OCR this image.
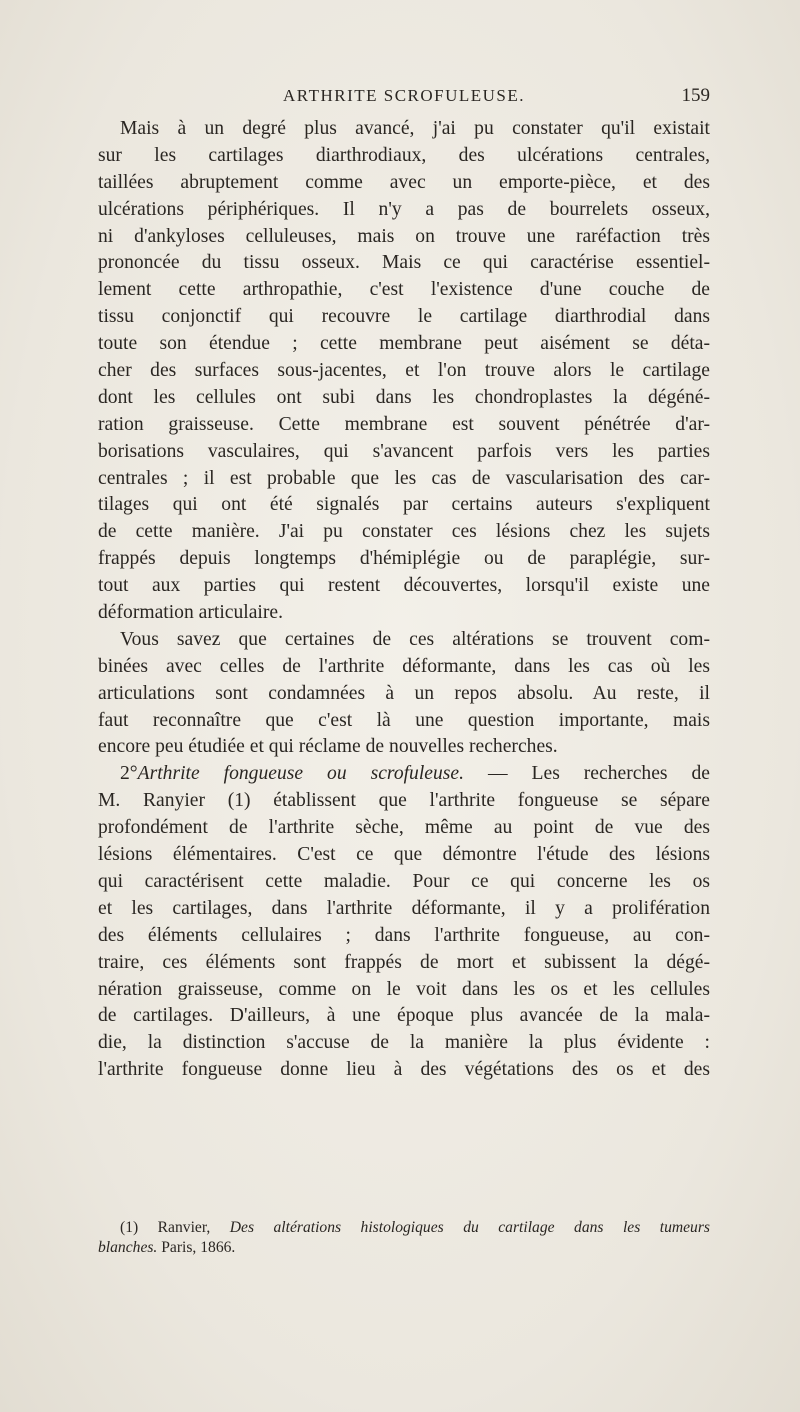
ARTHRITE SCROFULEUSE.	159
Mais à un degré plus avancé, j'ai pu constater qu'il existait
sur les cartilages diarthrodiaux, des ulcérations centrales,
taillées abruptement comme avec un emporte-pièce, et des
ulcérations périphériques. Il n'y a pas de bourrelets osseux,
ni d'ankyloses celluleuses, mais on trouve une raréfaction très
prononcée du tissu osseux. Mais ce qui caractérise essentiel-
lement cette arthropathie, c'est l'existence d'une couche de
tissu conjonctif qui recouvre le cartilage diarthrodial dans
toute son étendue ; cette membrane peut aisément se déta-
cher des surfaces sous-jacentes, et l'on trouve alors le cartilage
dont les cellules ont subi dans les chondroplastes la dégéné-
ration graisseuse. Cette membrane est souvent pénétrée d'ar-
borisations vasculaires, qui s'avancent parfois vers les parties
centrales ; il est probable que les cas de vascularisation des car-
tilages qui ont été signalés par certains auteurs s'expliquent
de cette manière. J'ai pu constater ces lésions chez les sujets
frappés depuis longtemps d'hémiplégie ou de paraplégie, sur-
tout aux parties qui restent découvertes, lorsqu'il existe une
déformation articulaire.
Vous savez que certaines de ces altérations se trouvent com-
binées avec celles de l'arthrite déformante, dans les cas où les
articulations sont condamnées à un repos absolu. Au reste, il
faut reconnaître que c'est là une question importante, mais
encore peu étudiée et qui réclame de nouvelles recherches.
2°Arthrite fongueuse ou scrofuleuse. — Les recherches de
M. Ranyier (1) établissent que l'arthrite fongueuse se sépare
profondément de l'arthrite sèche, même au point de vue des
lésions élémentaires. C'est ce que démontre l'étude des lésions
qui caractérisent cette maladie. Pour ce qui concerne les os
et les cartilages, dans l'arthrite déformante, il y a prolifération
des éléments cellulaires ; dans l'arthrite fongueuse, au con-
traire, ces éléments sont frappés de mort et subissent la dégé-
nération graisseuse, comme on le voit dans les os et les cellules
de cartilages. D'ailleurs, à une époque plus avancée de la mala-
die, la distinction s'accuse de la manière la plus évidente :
l'arthrite fongueuse donne lieu à des végétations des os et des
(1) Ranvier, Des altérations histologiques du cartilage dans les tumeurs
blanches. Paris, 1866.
